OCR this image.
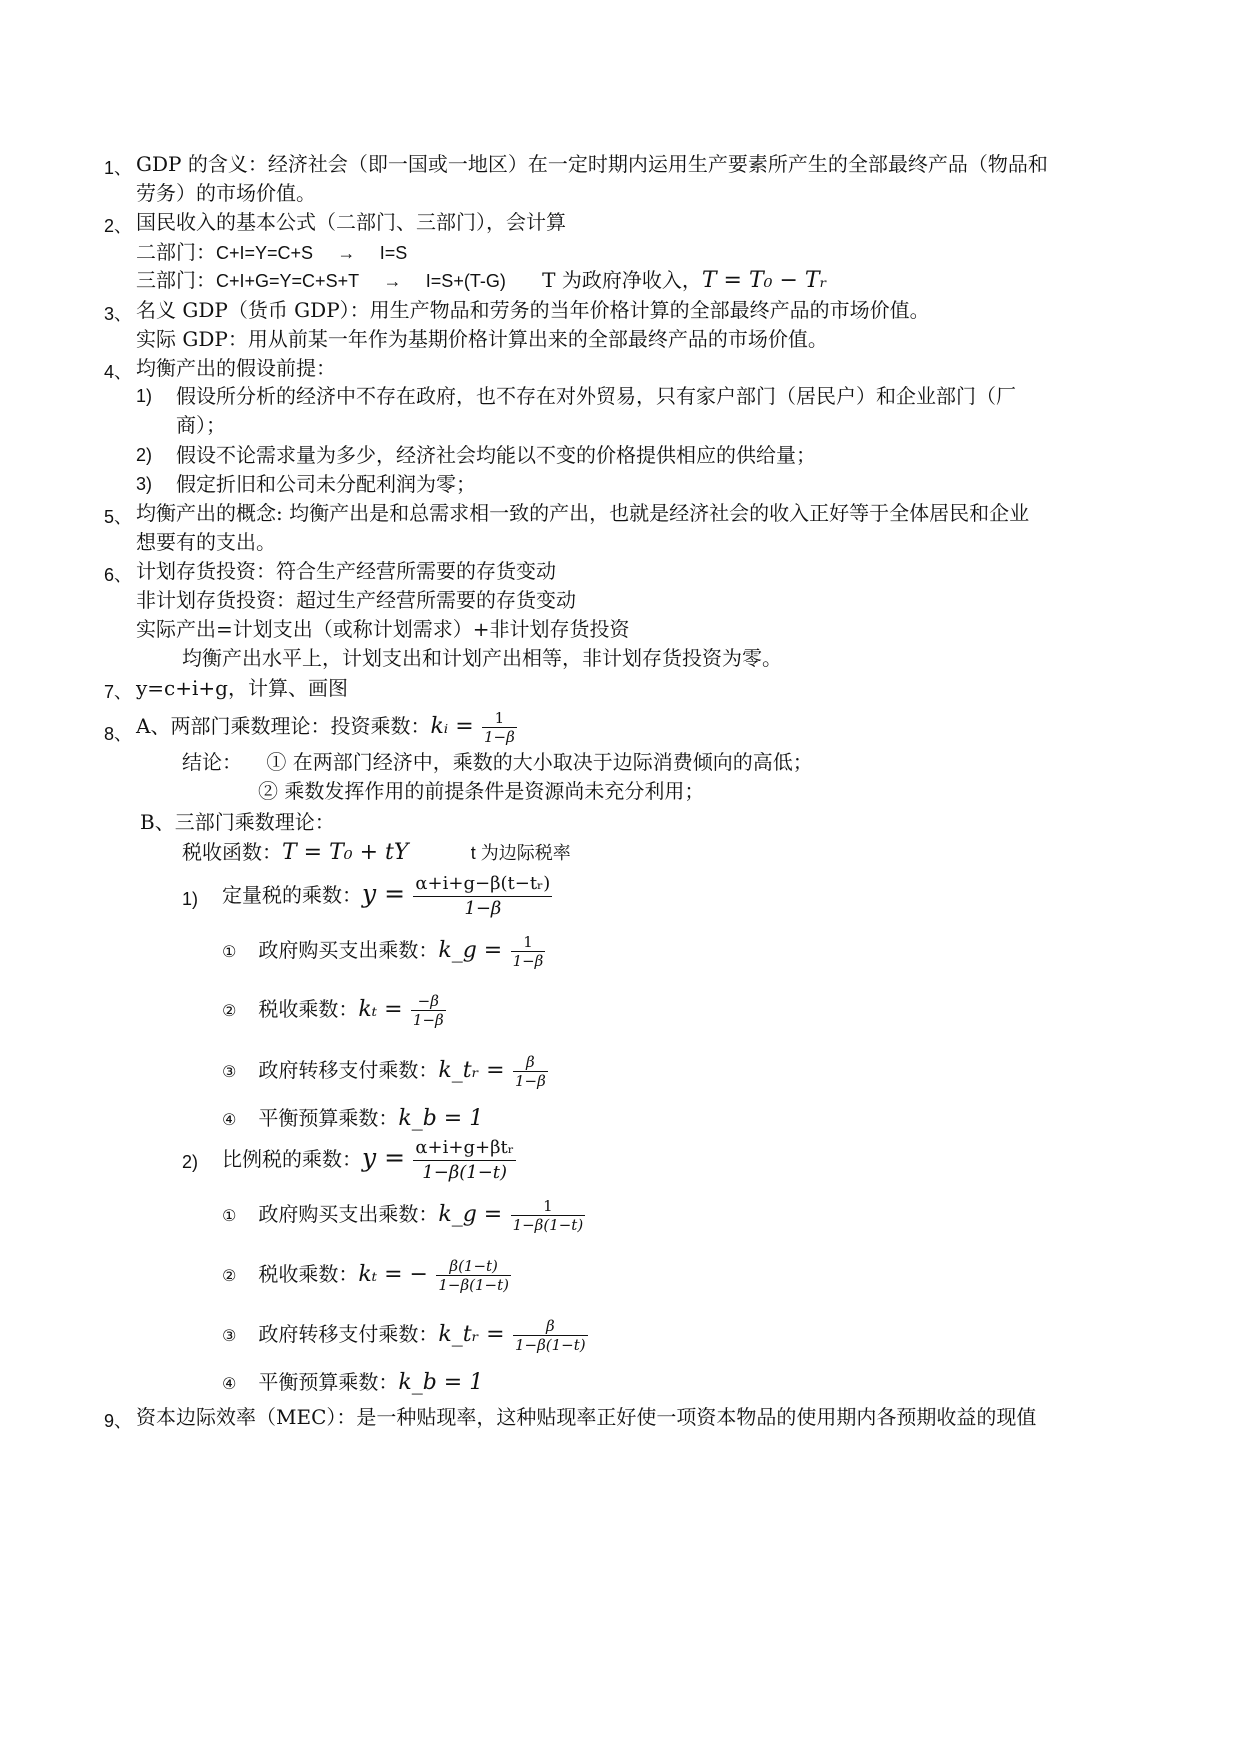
1、 GDP 的含义：经济社会（即一国或一地区）在一定时期内运用生产要素所产生的全部最终产品（物品和
劳务）的市场价值。
2、 国民收入的基本公式（二部门、三部门），会计算
二部门：C+I=Y=C+S → I=S
三部门：C+I+G=Y=C+S+T → I=S+(T-G) T 为政府净收入，T = T₀ − Tᵣ
3、 名义 GDP（货币 GDP）：用生产物品和劳务的当年价格计算的全部最终产品的市场价值。
实际 GDP：用从前某一年作为基期价格计算出来的全部最终产品的市场价值。
4、 均衡产出的假设前提：
1) 假设所分析的经济中不存在政府，也不存在对外贸易，只有家户部门（居民户）和企业部门（厂
商）；
2) 假设不论需求量为多少，经济社会均能以不变的价格提供相应的供给量；
3) 假定折旧和公司未分配利润为零；
5、 均衡产出的概念: 均衡产出是和总需求相一致的产出，也就是经济社会的收入正好等于全体居民和企业
想要有的支出。
6、 计划存货投资：符合生产经营所需要的存货变动
非计划存货投资：超过生产经营所需要的存货变动
实际产出=计划支出（或称计划需求）+非计划存货投资
均衡产出水平上，计划支出和计划产出相等，非计划存货投资为零。
7、 y=c+i+g，计算、画图
8、 A、两部门乘数理论：投资乘数：kᵢ = $\frac{1}{1-\beta}$
结论： ① 在两部门经济中，乘数的大小取决于边际消费倾向的高低；
② 乘数发挥作用的前提条件是资源尚未充分利用；
B、三部门乘数理论：
税收函数：T = T₀ + tY	t 为边际税率
1) 定量税的乘数：$y = \frac{\text{α+i+g−β(t−tᵣ)}}{1-\beta}$
① 政府购买支出乘数：k_g = $\frac{1}{1-\beta}$
② 税收乘数：$k_t = \frac{-\beta}{1-\beta}$
③ 政府转移支付乘数：k_tᵣ = $\frac{\beta}{1-\beta}$
④ 平衡预算乘数：k_b = 1
2) 比例税的乘数：$y = \frac{\text{α+i+g+βtᵣ}}{1-\beta(1-t)}$
① 政府购买支出乘数：k_g = $\frac{1}{1-\beta(1-t)}$
② 税收乘数：kₜ = − $\frac{\beta(1-t)}{1-\beta(1-t)}$
③ 政府转移支付乘数：k_tᵣ = $\frac{\beta}{1-\beta(1-t)}$
④ 平衡预算乘数：k_b = 1
9、 资本边际效率（MEC）：是一种贴现率，这种贴现率正好使一项资本物品的使用期内各预期收益的现值
